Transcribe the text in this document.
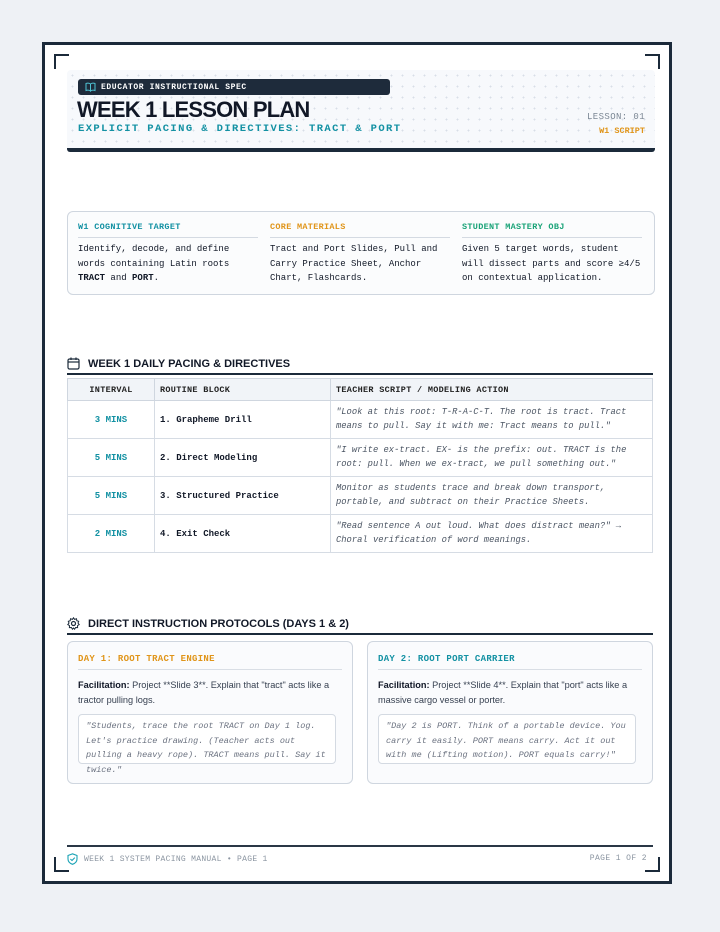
EDUCATOR INSTRUCTIONAL SPEC
WEEK 1 LESSON PLAN
EXPLICIT PACING & DIRECTIVES: TRACT & PORT
LESSON: 01
W1 SCRIPT
W1 COGNITIVE TARGET
Identify, decode, and define words containing Latin roots TRACT and PORT.
CORE MATERIALS
Tract and Port Slides, Pull and Carry Practice Sheet, Anchor Chart, Flashcards.
STUDENT MASTERY OBJ
Given 5 target words, student will dissect parts and score ≥4/5 on contextual application.
WEEK 1 DAILY PACING & DIRECTIVES
INTERVAL	ROUTINE BLOCK	TEACHER SCRIPT / MODELING ACTION
3 MINS	1. Grapheme Drill	"Look at this root: T-R-A-C-T. The root is tract. Tract means to pull. Say it with me: Tract means to pull."
5 MINS	2. Direct Modeling	"I write ex-tract. EX- is the prefix: out. TRACT is the root: pull. When we ex-tract, we pull something out."
5 MINS	3. Structured Practice	Monitor as students trace and break down transport, portable, and subtract on their Practice Sheets.
2 MINS	4. Exit Check	"Read sentence A out loud. What does distract mean?" → Choral verification of word meanings.
DIRECT INSTRUCTION PROTOCOLS (DAYS 1 & 2)
DAY 1: ROOT TRACT ENGINE
Facilitation: Project **Slide 3**. Explain that "tract" acts like a tractor pulling logs.
"Students, trace the root TRACT on Day 1 log. Let's practice drawing. (Teacher acts out pulling a heavy rope). TRACT means pull. Say it twice."
DAY 2: ROOT PORT CARRIER
Facilitation: Project **Slide 4**. Explain that "port" acts like a massive cargo vessel or porter.
"Day 2 is PORT. Think of a portable device. You carry it easily. PORT means carry. Act it out with me (Lifting motion). PORT equals carry!"
WEEK 1 SYSTEM PACING MANUAL • PAGE 1	PAGE 1 OF 2
